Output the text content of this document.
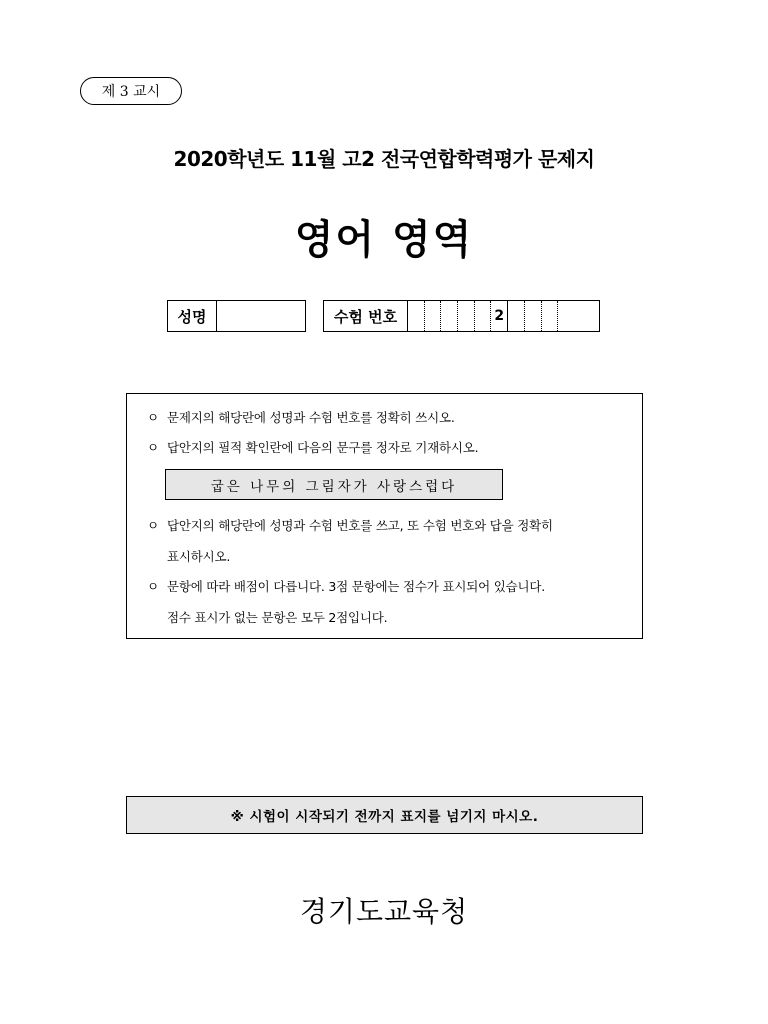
제 3 교시
2020학년도 11월 고2 전국연합학력평가 문제지
영어 영역
성명	수험 번호	2
ㅇ 문제지의 해당란에 성명과 수험 번호를 정확히 쓰시오.
ㅇ 답안지의 필적 확인란에 다음의 문구를 정자로 기재하시오.
굽은 나무의 그림자가 사랑스럽다
ㅇ 답안지의 해당란에 성명과 수험 번호를 쓰고, 또 수험 번호와 답을 정확히
표시하시오.
ㅇ 문항에 따라 배점이 다릅니다. 3점 문항에는 점수가 표시되어 있습니다.
점수 표시가 없는 문항은 모두 2점입니다.
※ 시험이 시작되기 전까지 표지를 넘기지 마시오.
경기도교육청
